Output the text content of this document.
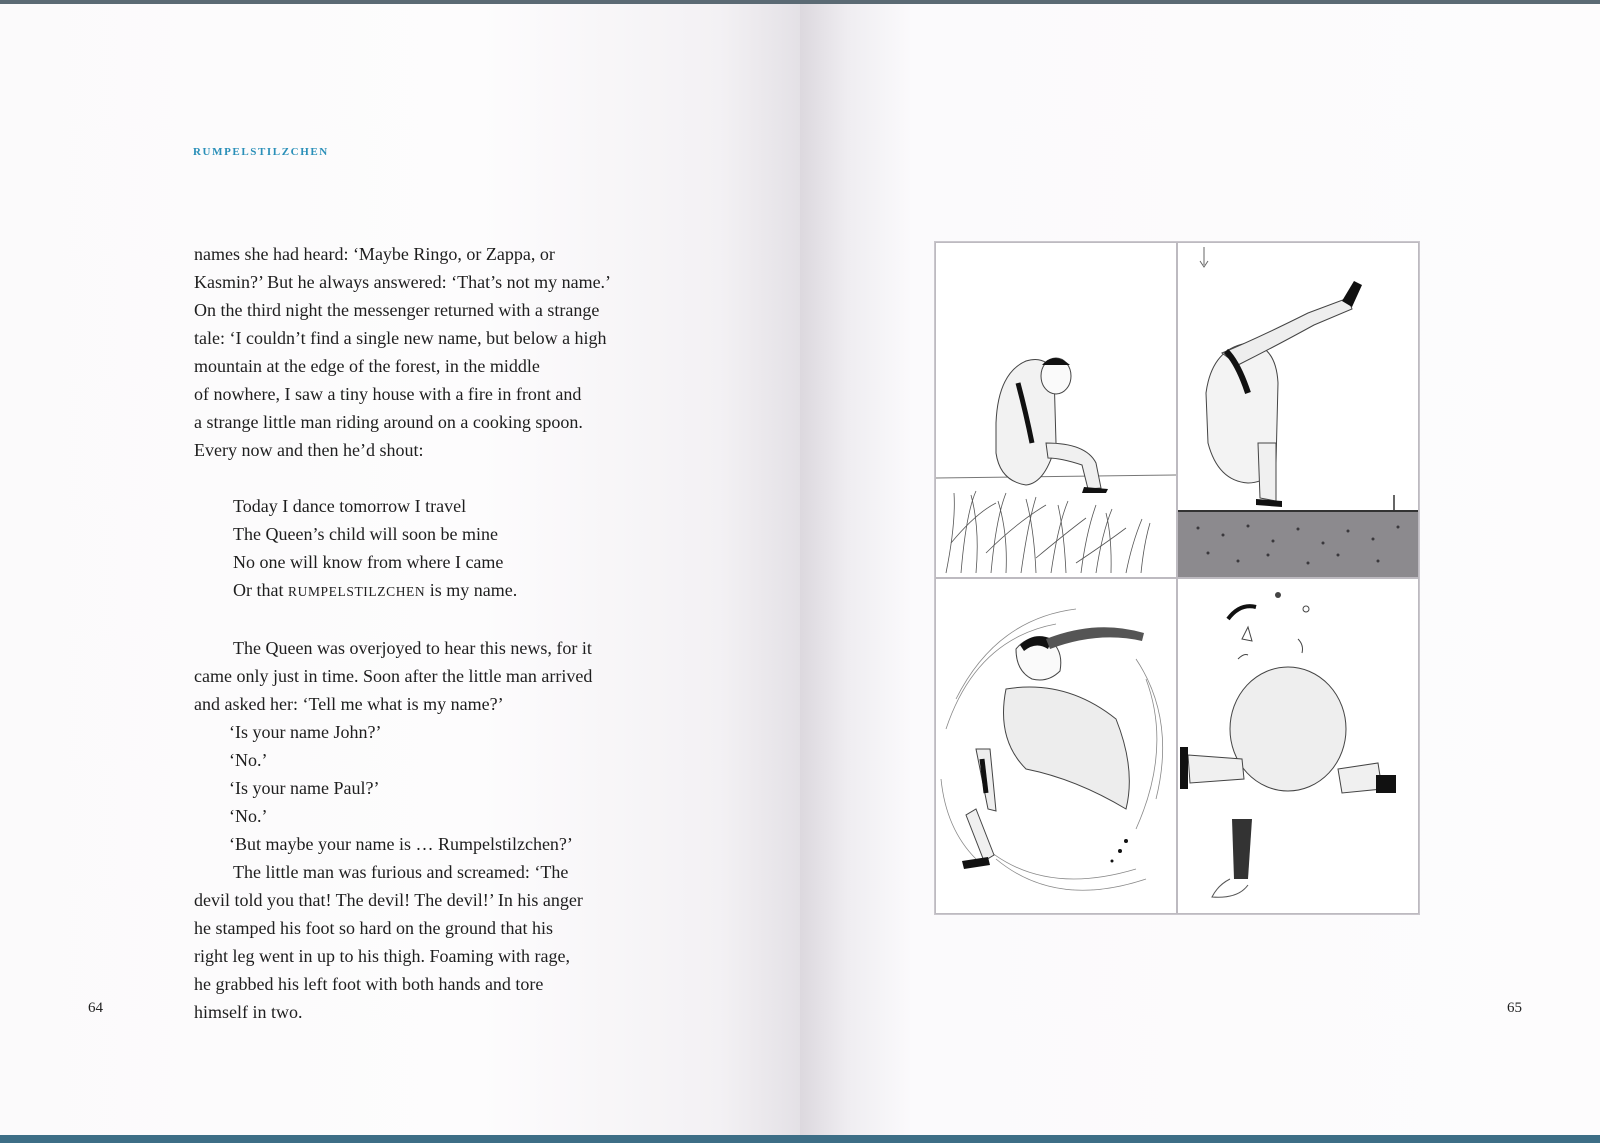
RUMPELSTILZCHEN

names she had heard: ‘Maybe Ringo, or Zappa, or

Kasmin?’ But he always answered: ‘That’s not my name.’

On the third night the messenger returned with a strange

tale: ‘I couldn’t find a single new name, but below a high

mountain at the edge of the forest, in the middle

of nowhere, I saw a tiny house with a fire in front and

a strange little man riding around on a cooking spoon.

Every now and then he’d shout:

Today I dance tomorrow I travel

The Queen’s child will soon be mine

No one will know from where I came

Or that RUMPELSTILZCHEN is my name.

The Queen was overjoyed to hear this news, for it

came only just in time. Soon after the little man arrived

and asked her: ‘Tell me what is my name?’

‘Is your name John?’

‘No.’

‘Is your name Paul?’

‘No.’

‘But maybe your name is … Rumpelstilzchen?’

The little man was furious and screamed: ‘The

devil told you that! The devil! The devil!’ In his anger

he stamped his foot so hard on the ground that his

right leg went in up to his thigh. Foaming with rage,

he grabbed his left foot with both hands and tore

himself in two.

64	65
